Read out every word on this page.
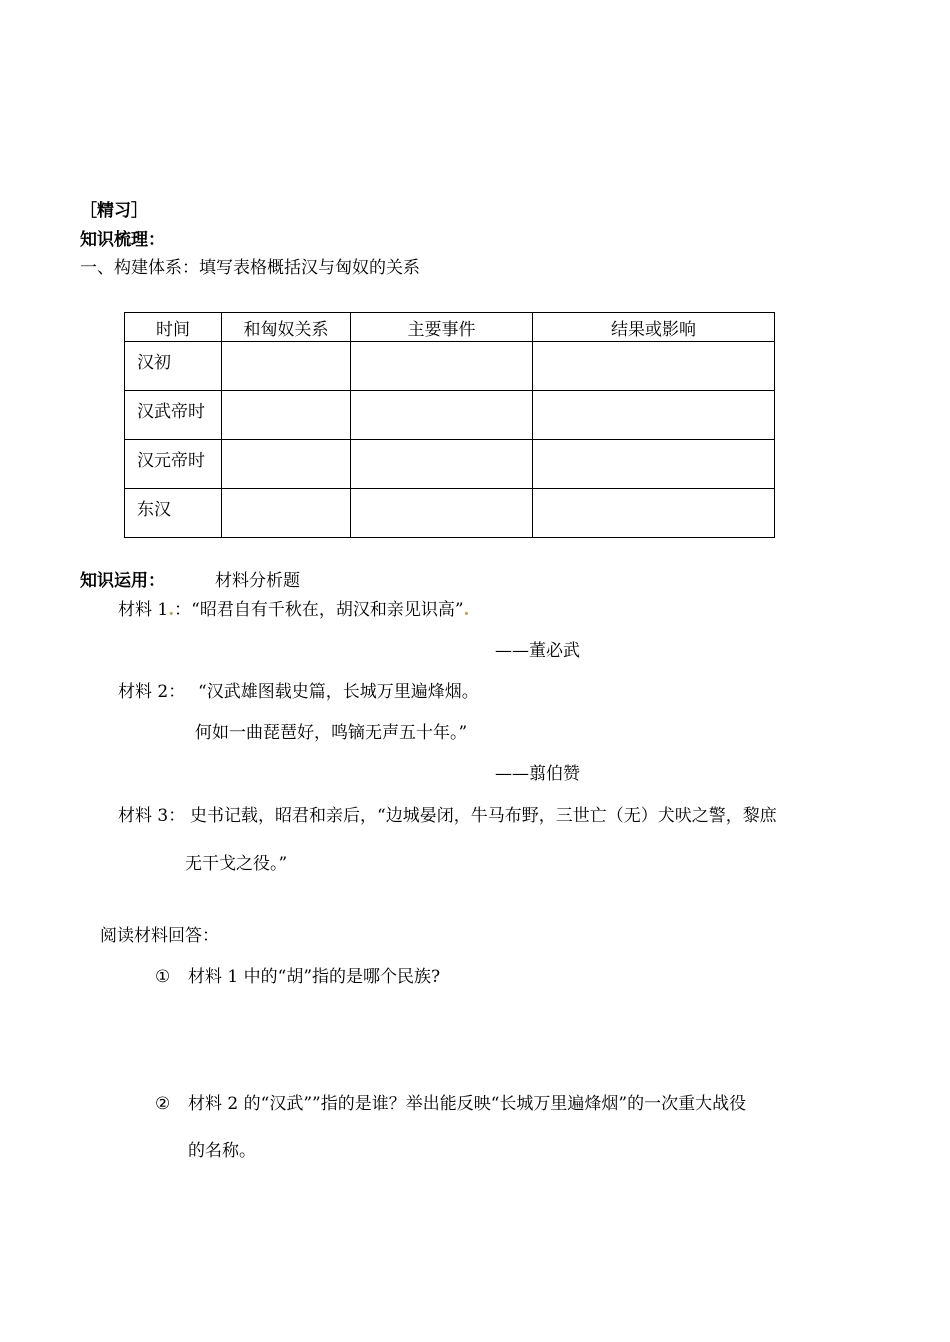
［精习］
知识梳理：
一、构建体系：填写表格概括汉与匈奴的关系
时间	和匈奴关系	主要事件	结果或影响
汉初			
汉武帝时			
汉元帝时			
东汉			
知识运用：	材料分析题
材料 1.：“昭君自有千秋在，胡汉和亲见识高”.
——董必武
材料 2： “汉武雄图载史篇，长城万里遍烽烟。
何如一曲琵琶好，鸣镝无声五十年。”
——翦伯赞
材料 3： 史书记载，昭君和亲后，“边城晏闭，牛马布野，三世亡（无）犬吠之警，黎庶
无干戈之役。”
阅读材料回答：
① 材料 1 中的“胡”指的是哪个民族?
② 材料 2 的“汉武””指的是谁？举出能反映“长城万里遍烽烟”的一次重大战役
的名称。
